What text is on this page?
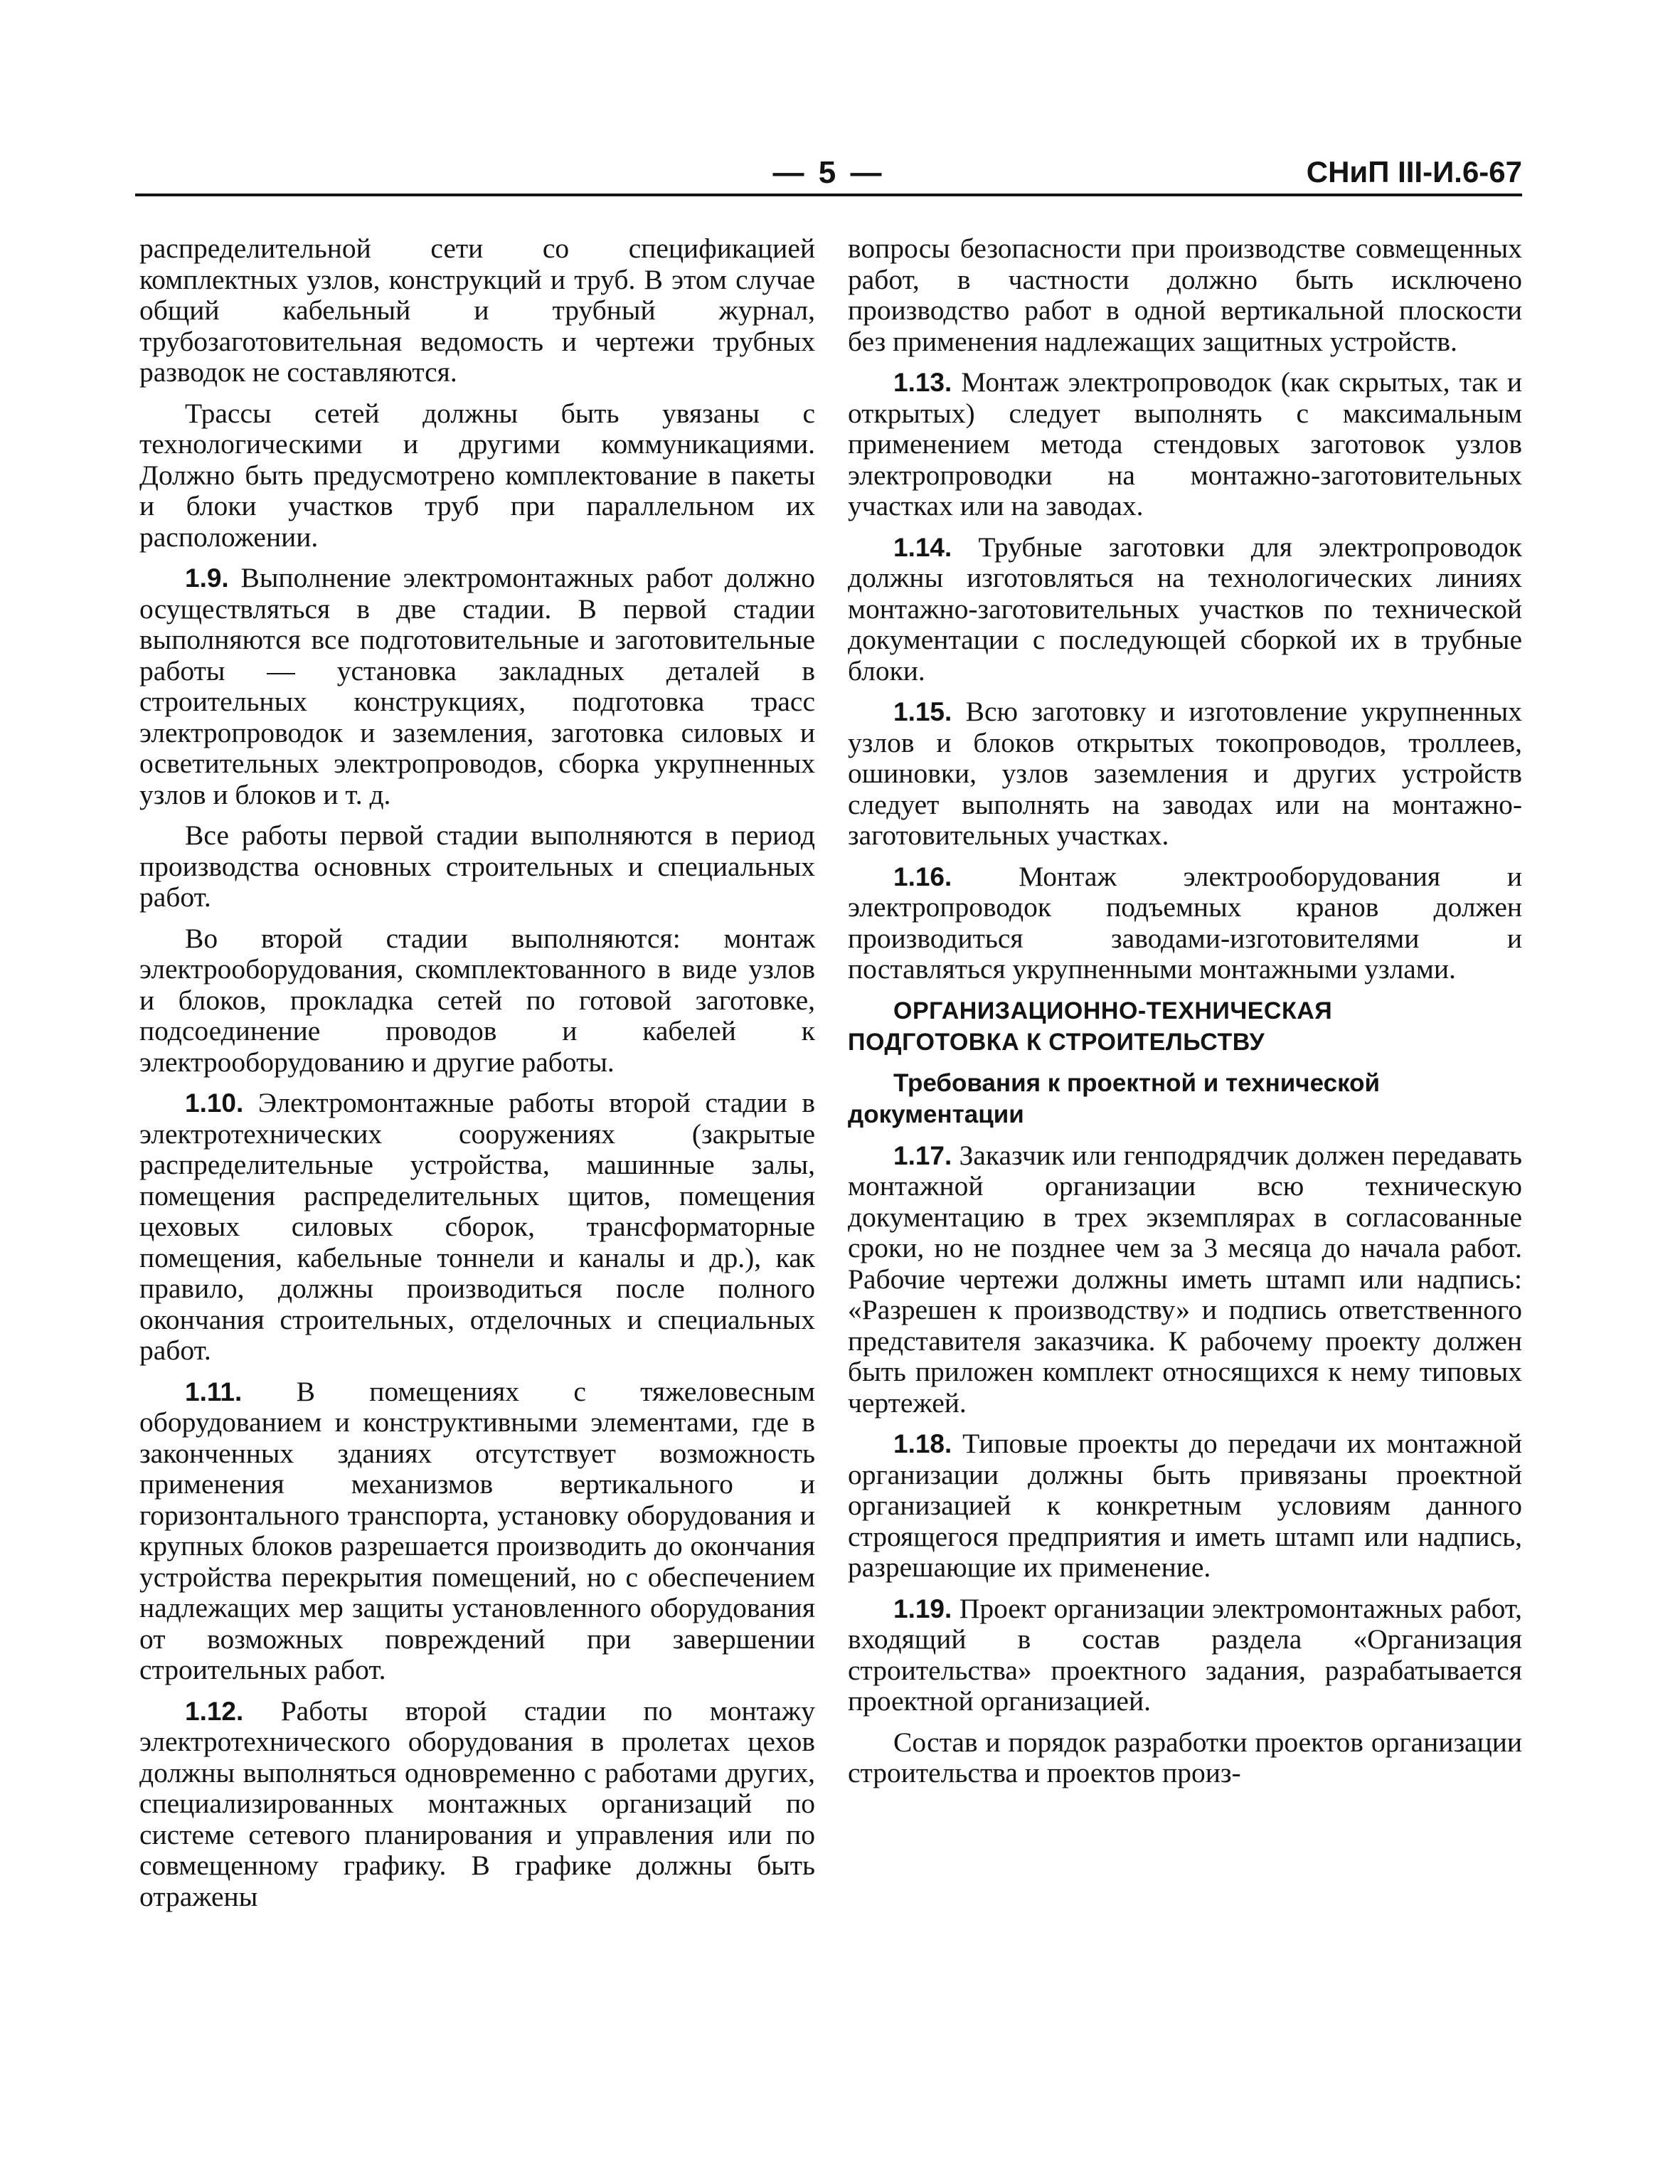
— 5 —	СНиП III-И.6-67

распределительной сети со спецификацией комплектных узлов, конструкций и труб. В этом случае общий кабельный и трубный журнал, трубозаготовительная ведомость и чертежи трубных разводок не составляются.

Трассы сетей должны быть увязаны с технологическими и другими коммуникациями. Должно быть предусмотрено комплектование в пакеты и блоки участков труб при параллельном их расположении.

1.9. Выполнение электромонтажных работ должно осуществляться в две стадии. В первой стадии выполняются все подготовительные и заготовительные работы — установка закладных деталей в строительных конструкциях, подготовка трасс электропроводок и заземления, заготовка силовых и осветительных электропроводов, сборка укрупненных узлов и блоков и т. д.

Все работы первой стадии выполняются в период производства основных строительных и специальных работ.

Во второй стадии выполняются: монтаж электрооборудования, скомплектованного в виде узлов и блоков, прокладка сетей по готовой заготовке, подсоединение проводов и кабелей к электрооборудованию и другие работы.

1.10. Электромонтажные работы второй стадии в электротехнических сооружениях (закрытые распределительные устройства, машинные залы, помещения распределительных щитов, помещения цеховых силовых сборок, трансформаторные помещения, кабельные тоннели и каналы и др.), как правило, должны производиться после полного окончания строительных, отделочных и специальных работ.

1.11. В помещениях с тяжеловесным оборудованием и конструктивными элементами, где в законченных зданиях отсутствует возможность применения механизмов вертикального и горизонтального транспорта, установку оборудования и крупных блоков разрешается производить до окончания устройства перекрытия помещений, но с обеспечением надлежащих мер защиты установленного оборудования от возможных повреждений при завершении строительных работ.

1.12. Работы второй стадии по монтажу электротехнического оборудования в пролетах цехов должны выполняться одновременно с работами других, специализированных монтажных организаций по системе сетевого планирования и управления или по совмещенному графику. В графике должны быть отражены

вопросы безопасности при производстве совмещенных работ, в частности должно быть исключено производство работ в одной вертикальной плоскости без применения надлежащих защитных устройств.

1.13. Монтаж электропроводок (как скрытых, так и открытых) следует выполнять с максимальным применением метода стендовых заготовок узлов электропроводки на монтажно-заготовительных участках или на заводах.

1.14. Трубные заготовки для электропроводок должны изготовляться на технологических линиях монтажно-заготовительных участков по технической документации с последующей сборкой их в трубные блоки.

1.15. Всю заготовку и изготовление укрупненных узлов и блоков открытых токопроводов, троллеев, ошиновки, узлов заземления и других устройств следует выполнять на заводах или на монтажно-заготовительных участках.

1.16. Монтаж электрооборудования и электропроводок подъемных кранов должен производиться заводами-изготовителями и поставляться укрупненными монтажными узлами.

ОРГАНИЗАЦИОННО-ТЕХНИЧЕСКАЯ
ПОДГОТОВКА К СТРОИТЕЛЬСТВУ

Требования к проектной и технической
документации

1.17. Заказчик или генподрядчик должен передавать монтажной организации всю техническую документацию в трех экземплярах в согласованные сроки, но не позднее чем за 3 месяца до начала работ. Рабочие чертежи должны иметь штамп или надпись: «Разрешен к производству» и подпись ответственного представителя заказчика. К рабочему проекту должен быть приложен комплект относящихся к нему типовых чертежей.

1.18. Типовые проекты до передачи их монтажной организации должны быть привязаны проектной организацией к конкретным условиям данного строящегося предприятия и иметь штамп или надпись, разрешающие их применение.

1.19. Проект организации электромонтажных работ, входящий в состав раздела «Организация строительства» проектного задания, разрабатывается проектной организацией.

Состав и порядок разработки проектов организации строительства и проектов произ-
